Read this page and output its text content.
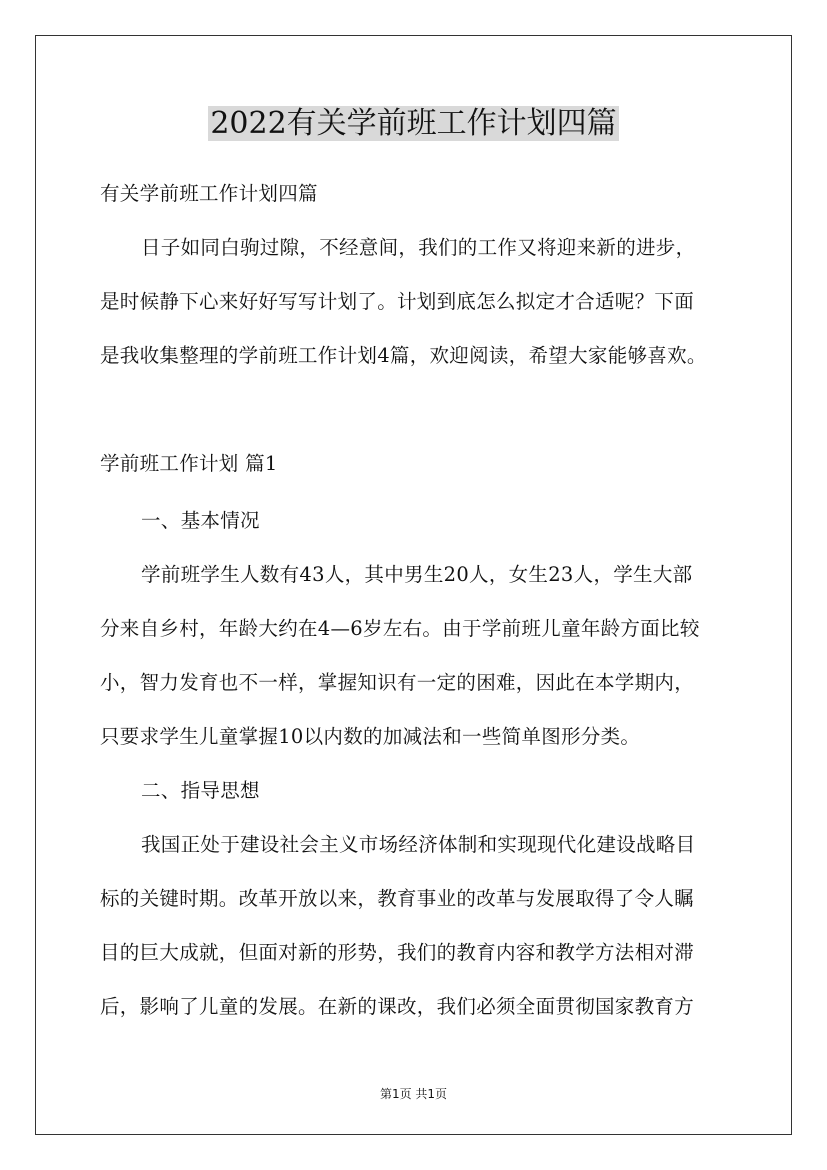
2022有关学前班工作计划四篇
有关学前班工作计划四篇
日子如同白驹过隙，不经意间，我们的工作又将迎来新的进步，
是时候静下心来好好写写计划了。计划到底怎么拟定才合适呢？下面
是我收集整理的学前班工作计划4篇，欢迎阅读，希望大家能够喜欢。
学前班工作计划 篇1
一、基本情况
学前班学生人数有43人，其中男生20人，女生23人，学生大部
分来自乡村，年龄大约在4—6岁左右。由于学前班儿童年龄方面比较
小，智力发育也不一样，掌握知识有一定的困难，因此在本学期内，
只要求学生儿童掌握10以内数的加减法和一些简单图形分类。
二、指导思想
我国正处于建设社会主义市场经济体制和实现现代化建设战略目
标的关键时期。改革开放以来，教育事业的改革与发展取得了令人瞩
目的巨大成就，但面对新的形势，我们的教育内容和教学方法相对滞
后，影响了儿童的发展。在新的课改，我们必须全面贯彻国家教育方
第1页 共1页
